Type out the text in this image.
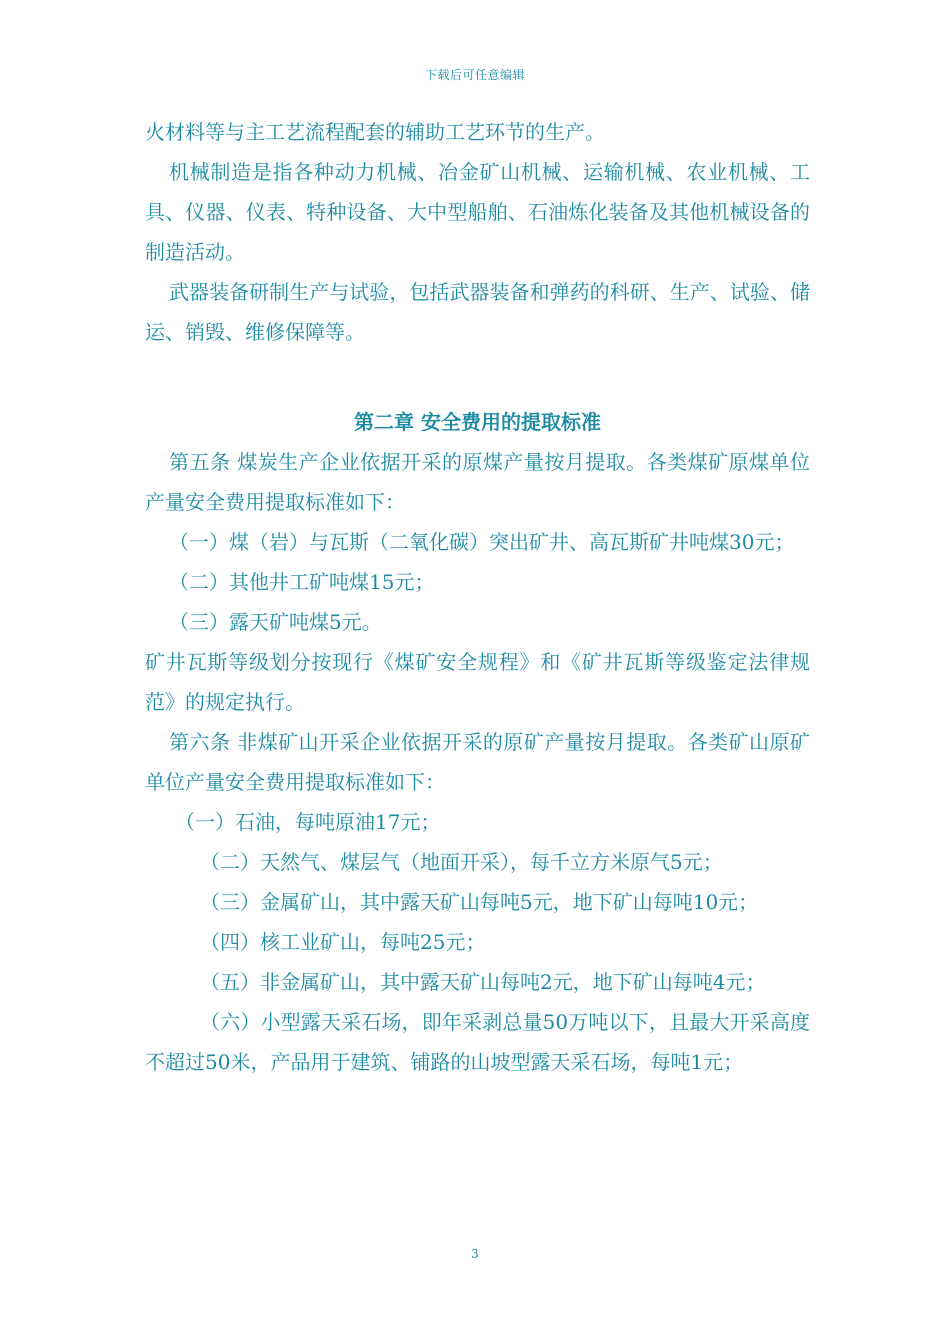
下载后可任意编辑

火材料等与主工艺流程配套的辅助工艺环节的生产。

机械制造是指各种动力机械、冶金矿山机械、运输机械、农业机械、工具、仪器、仪表、特种设备、大中型船舶、石油炼化装备及其他机械设备的制造活动。

武器装备研制生产与试验，包括武器装备和弹药的科研、生产、试验、储运、销毁、维修保障等。

第二章 安全费用的提取标准

第五条 煤炭生产企业依据开采的原煤产量按月提取。各类煤矿原煤单位产量安全费用提取标准如下：

（一）煤（岩）与瓦斯（二氧化碳）突出矿井、高瓦斯矿井吨煤30元；

（二）其他井工矿吨煤15元；

（三）露天矿吨煤5元。

矿井瓦斯等级划分按现行《煤矿安全规程》和《矿井瓦斯等级鉴定法律规范》的规定执行。

第六条 非煤矿山开采企业依据开采的原矿产量按月提取。各类矿山原矿单位产量安全费用提取标准如下：

（一）石油，每吨原油17元；

（二）天然气、煤层气（地面开采），每千立方米原气5元；

（三）金属矿山，其中露天矿山每吨5元，地下矿山每吨10元；

（四）核工业矿山，每吨25元；

（五）非金属矿山，其中露天矿山每吨2元，地下矿山每吨4元；

（六）小型露天采石场，即年采剥总量50万吨以下，且最大开采高度不超过50米，产品用于建筑、铺路的山坡型露天采石场，每吨1元；

3
